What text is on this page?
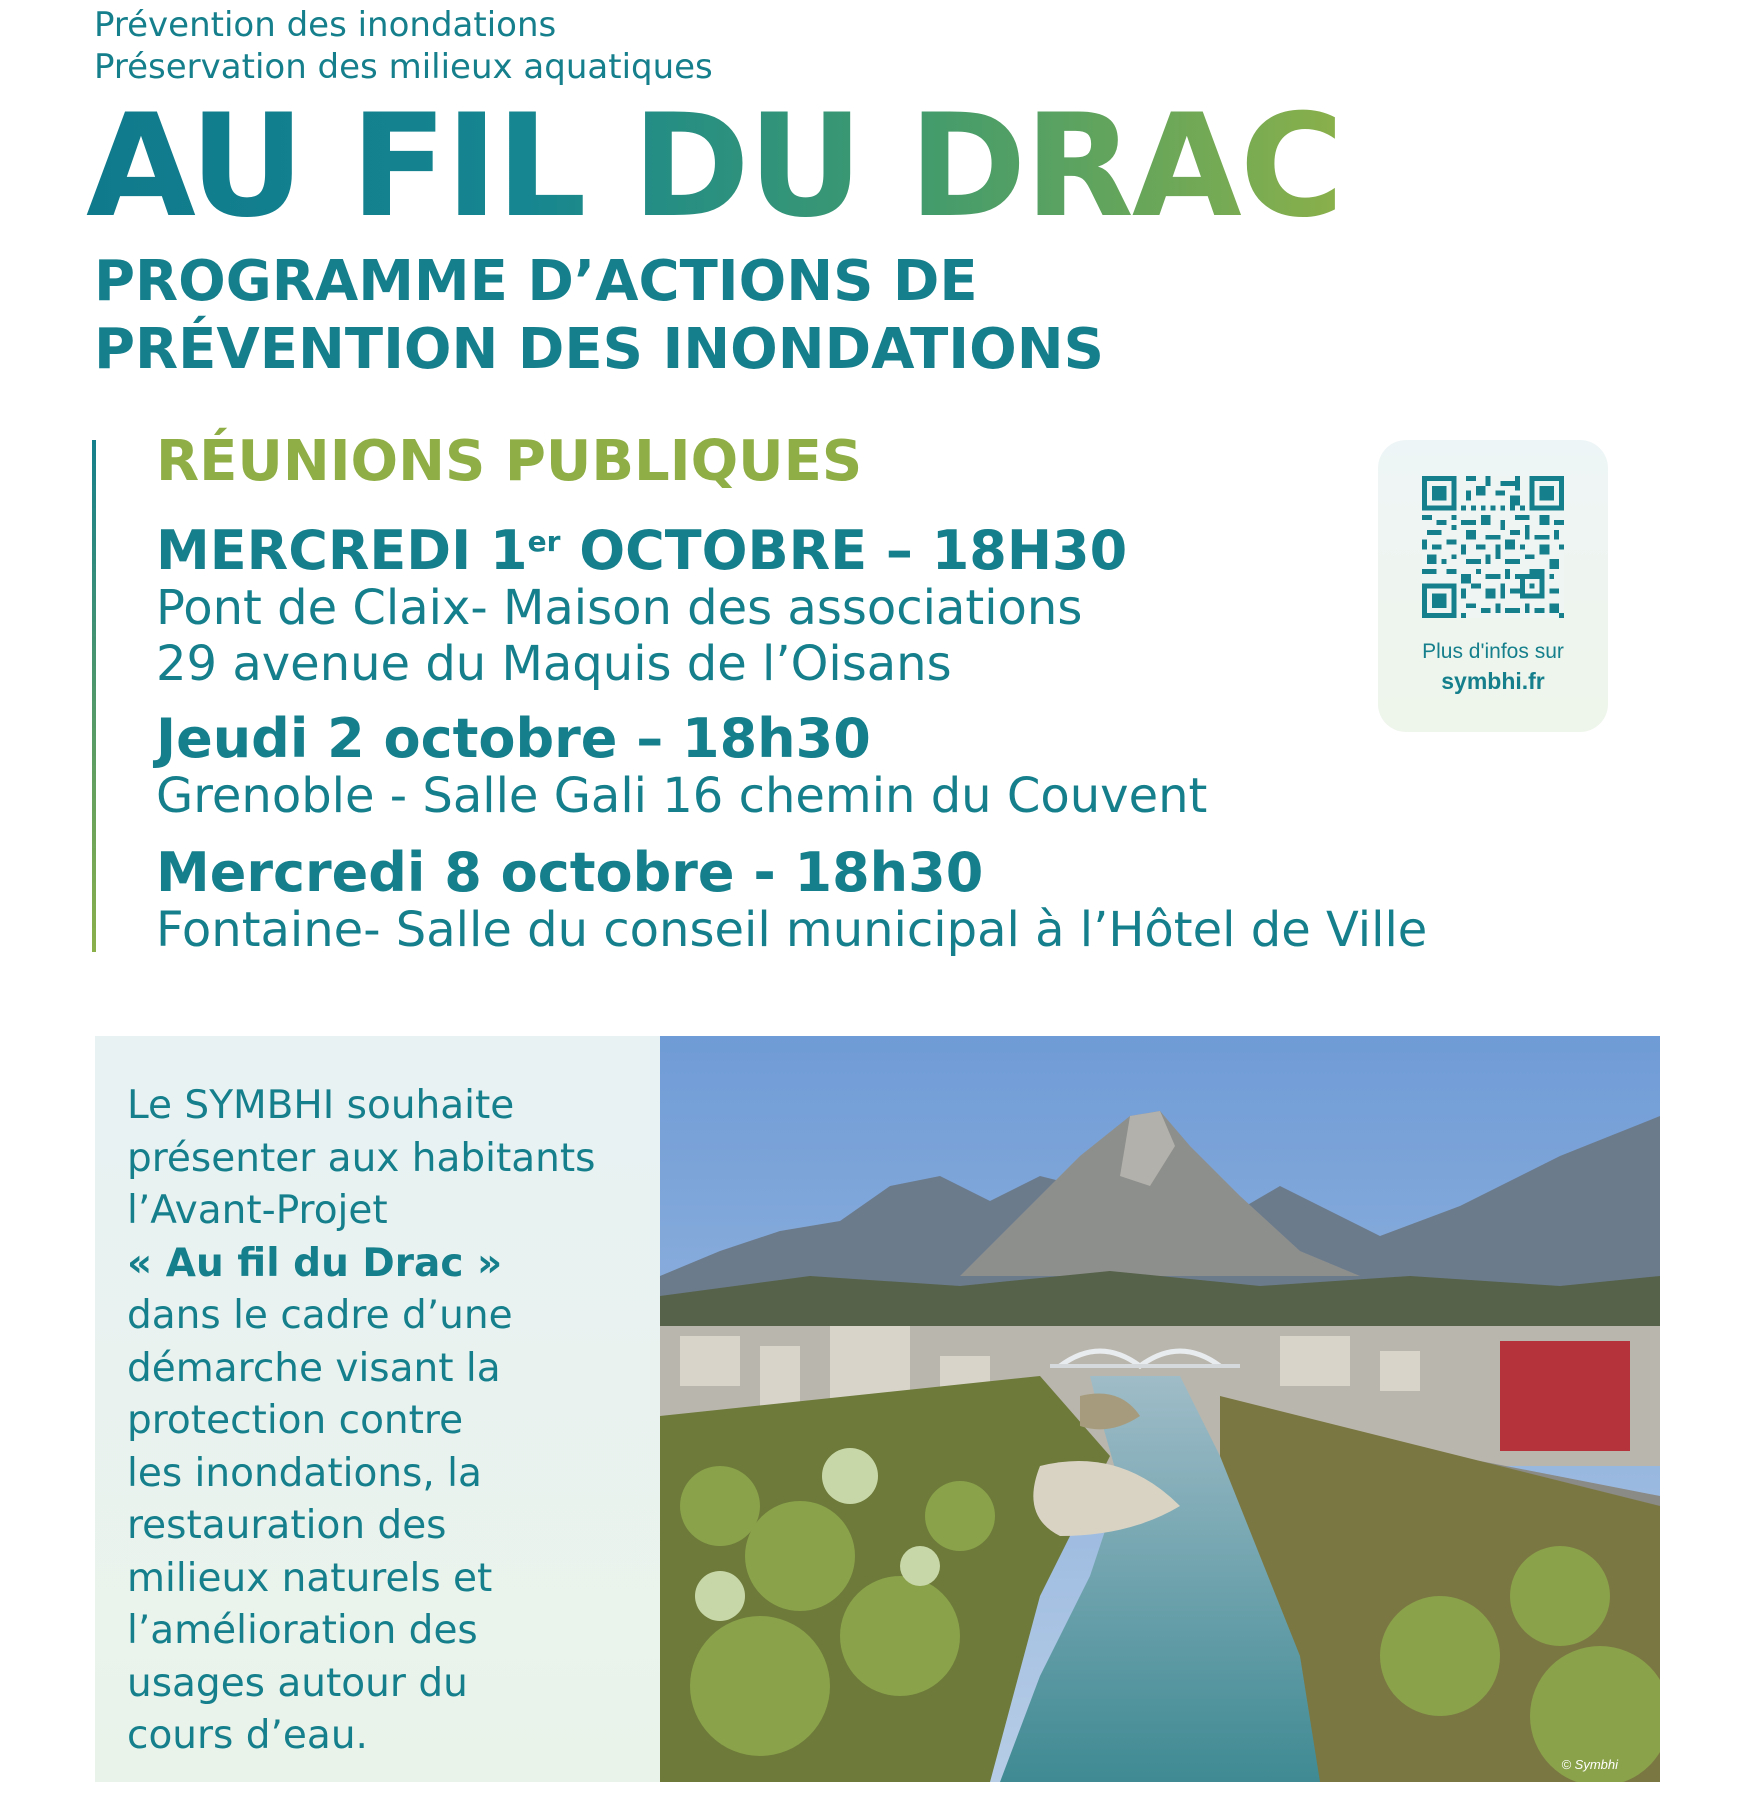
Prévention des inondations
Préservation des milieux aquatiques
AU FIL DU DRAC
PROGRAMME D’ACTIONS DE
PRÉVENTION DES INONDATIONS
RÉUNIONS PUBLIQUES
MERCREDI 1er OCTOBRE – 18H30
Pont de Claix- Maison des associations
29 avenue du Maquis de l’Oisans
Jeudi 2 octobre – 18h30
Grenoble - Salle Gali 16 chemin du Couvent
Mercredi 8 octobre - 18h30
Fontaine- Salle du conseil municipal à l’Hôtel de Ville
Plus d'infos sur
symbhi.fr
Le SYMBHI souhaite
présenter aux habitants
l’Avant-Projet
« Au fil du Drac »
dans le cadre d’une
démarche visant la
protection contre
les inondations, la
restauration des
milieux naturels et
l’amélioration des
usages autour du
cours d’eau.
© Symbhi
